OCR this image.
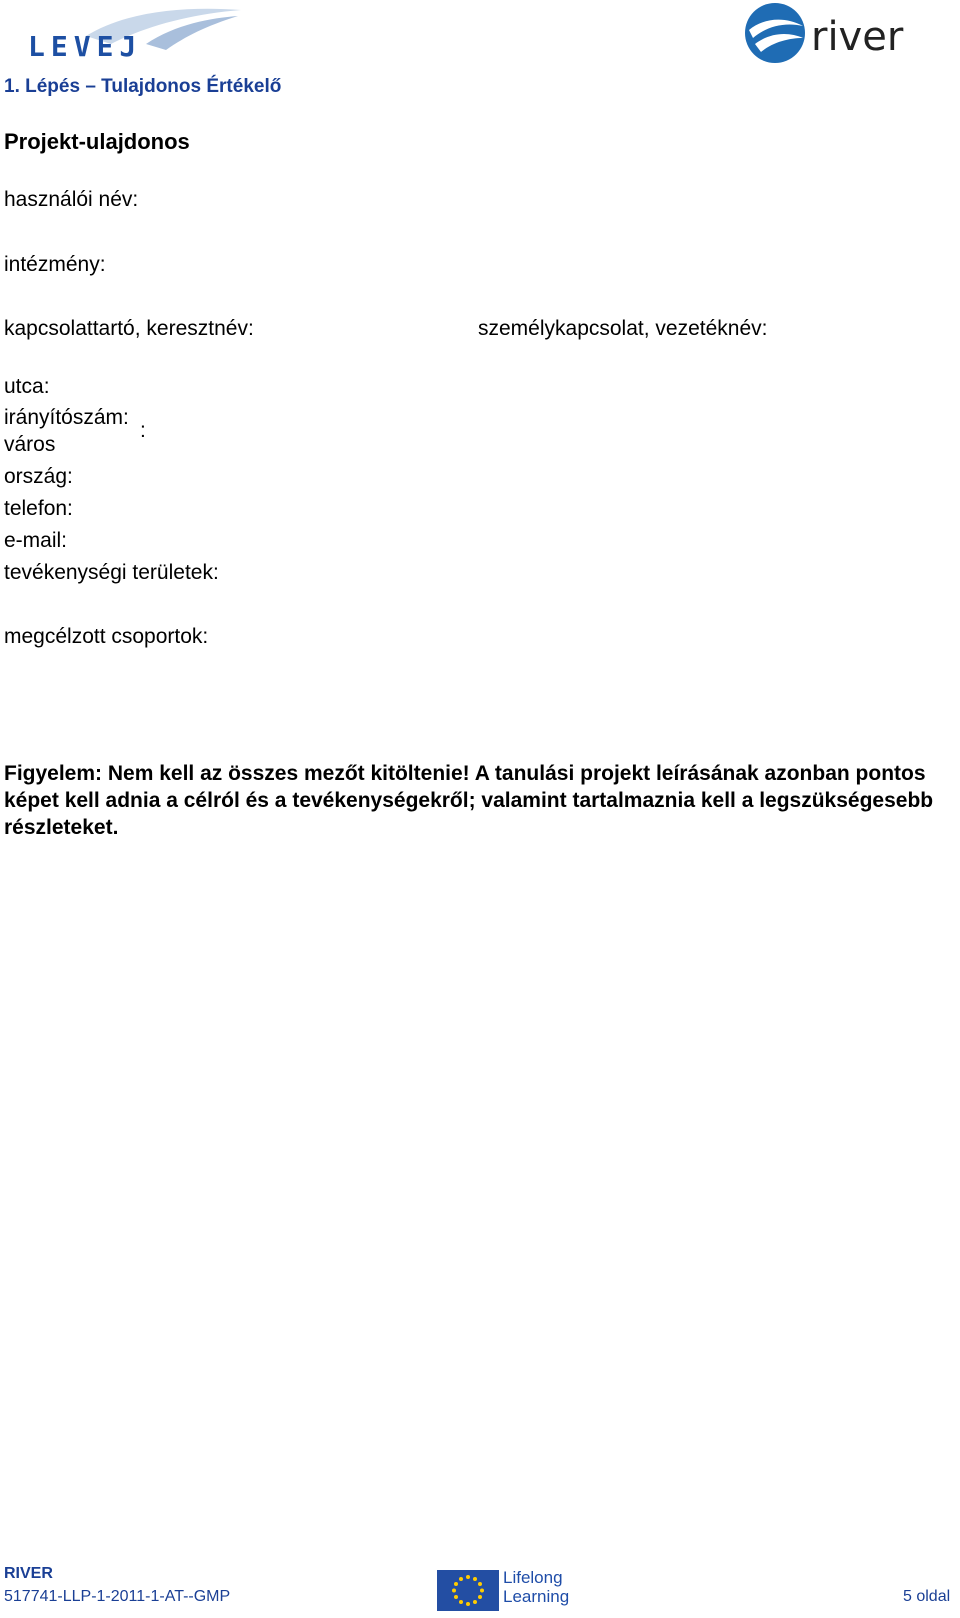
LEVEJ	river
1. Lépés – Tulajdonos Értékelő
Projekt-ulajdonos
használói név:
intézmény:
kapcsolattartó, keresztnév:	személykapcsolat, vezetéknév:
utca:
irányítószám:
:
város
ország:
telefon:
e-mail:
tevékenységi területek:
megcélzott csoportok:
Figyelem: Nem kell az összes mezőt kitöltenie! A tanulási projekt leírásának azonban pontos képet kell adnia a célról és a tevékenységekről; valamint tartalmaznia kell a legszükségesebb részleteket.
RIVER
517741-LLP-1-2011-1-AT--GMP
Lifelong
Learning	5 oldal
